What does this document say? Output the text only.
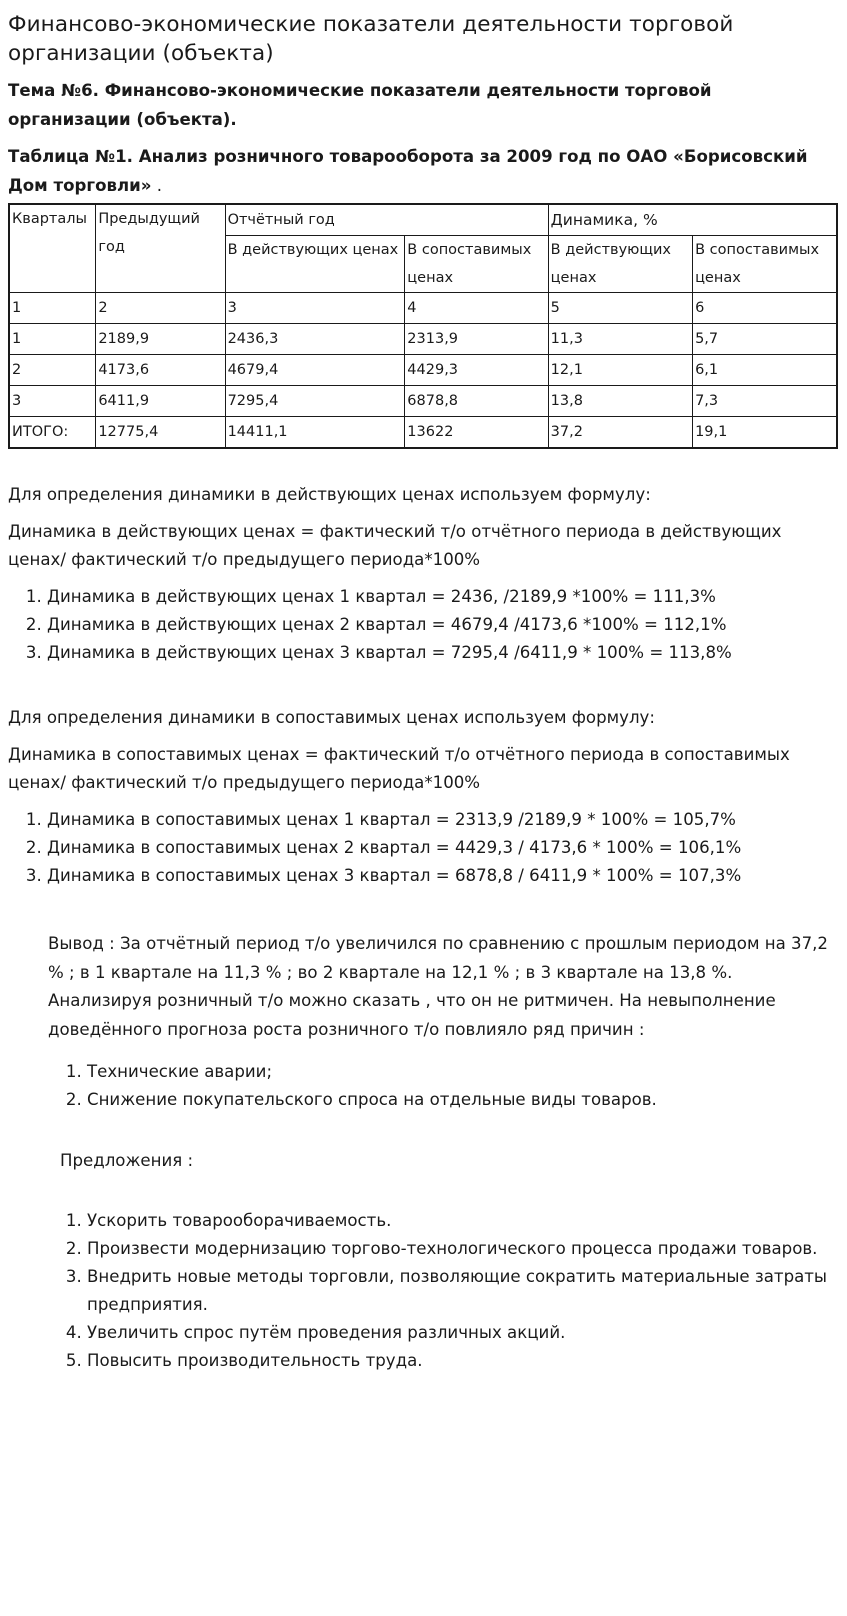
Финансово-экономические показатели деятельности торговой организации (объекта)

Тема №6. Финансово-экономические показатели деятельности торговой организации (объекта).

Таблица №1. Анализ розничного товарооборота за 2009 год по ОАО «Борисовский Дом торговли» .

Кварталы	Предыдущий год	Отчётный год		Динамика, %	
		В действующих ценах	В сопоставимых ценах	В действующих ценах	В сопоставимых ценах
1	2	3	4	5	6
1	2189,9	2436,3	2313,9	11,3	5,7
2	4173,6	4679,4	4429,3	12,1	6,1
3	6411,9	7295,4	6878,8	13,8	7,3
ИТОГО:	12775,4	14411,1	13622	37,2	19,1

Для определения динамики в действующих ценах используем формулу:

Динамика в действующих ценах = фактический т/о отчётного периода в действующих ценах/ фактический т/о предыдущего периода*100%

1. Динамика в действующих ценах 1 квартал = 2436, /2189,9 *100% = 111,3%
2. Динамика в действующих ценах 2 квартал = 4679,4 /4173,6 *100% = 112,1%
3. Динамика в действующих ценах 3 квартал = 7295,4 /6411,9 * 100% = 113,8%

Для определения динамики в сопоставимых ценах используем формулу:

Динамика в сопоставимых ценах = фактический т/о отчётного периода в сопоставимых ценах/ фактический т/о предыдущего периода*100%

1. Динамика в сопоставимых ценах 1 квартал = 2313,9 /2189,9 * 100% = 105,7%
2. Динамика в сопоставимых ценах 2 квартал = 4429,3 / 4173,6 * 100% = 106,1%
3. Динамика в сопоставимых ценах 3 квартал = 6878,8 / 6411,9 * 100% = 107,3%

Вывод : За отчётный период т/о увеличился по сравнению с прошлым периодом на 37,2 % ; в 1 квартале на 11,3 % ; во 2 квартале на 12,1 % ; в 3 квартале на 13,8 %. Анализируя розничный т/о можно сказать , что он не ритмичен. На невыполнение доведённого прогноза роста розничного т/о повлияло ряд причин :

1. Технические аварии;
2. Снижение покупательского спроса на отдельные виды товаров.

Предложения :

1. Ускорить товарооборачиваемость.
2. Произвести модернизацию торгово-технологического процесса продажи товаров.
3. Внедрить новые методы торговли, позволяющие сократить материальные затраты предприятия.
4. Увеличить спрос путём проведения различных акций.
5. Повысить производительность труда.
